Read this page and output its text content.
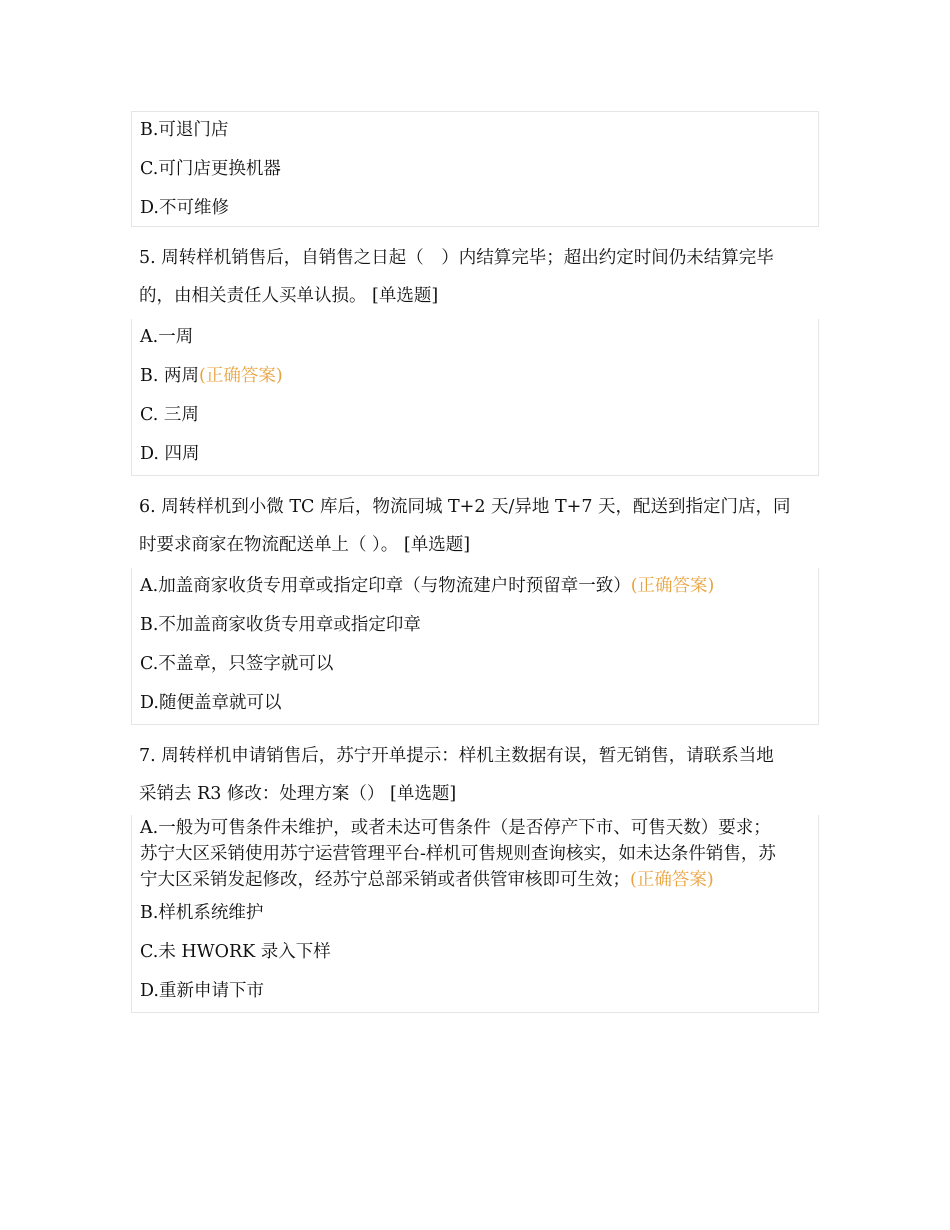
B.可退门店
C.可门店更换机器
D.不可维修
5. 周转样机销售后，自销售之日起（　）内结算完毕；超出约定时间仍未结算完毕
的，由相关责任人买单认损。 [单选题]
A.一周
B. 两周(正确答案)
C. 三周
D. 四周
6. 周转样机到小微 TC 库后，物流同城 T+2 天/异地 T+7 天，配送到指定门店，同
时要求商家在物流配送单上（ ）。 [单选题]
A.加盖商家收货专用章或指定印章（与物流建户时预留章一致）(正确答案)
B.不加盖商家收货专用章或指定印章
C.不盖章，只签字就可以
D.随便盖章就可以
7. 周转样机申请销售后，苏宁开单提示：样机主数据有误，暂无销售，请联系当地
采销去 R3 修改：处理方案（） [单选题]
A.一般为可售条件未维护，或者未达可售条件（是否停产下市、可售天数）要求；苏宁大区采销使用苏宁运营管理平台-样机可售规则查询核实，如未达条件销售，苏宁大区采销发起修改，经苏宁总部采销或者供管审核即可生效；(正确答案)
B.样机系统维护
C.未 HWORK 录入下样
D.重新申请下市
